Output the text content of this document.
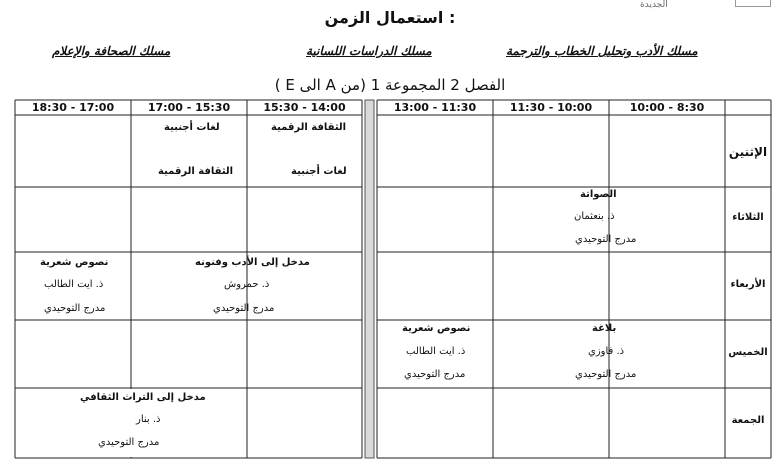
الجديدة
استعمال الزمن :
مسلك الأدب وتحليل الخطاب والترجمة
مسلك الدراسات اللسانية
مسلك الصحافة والإعلام
الفصل 2 المجموعة 1 (من A الى E )
10:00 - 8:30
11:30 - 10:00
13:00 - 11:30
15:30 - 14:00
17:00 - 15:30
18:30 - 17:00
الإثنين
الثلاثاء
الأربعاء
الخميس
الجمعة
الثقافة الرقمية
لغات أجنبية
لغات أجنبية
الثقافة الرقمية
الصواتة
ذ. بنعثمان
مدرج التوحيدي
مدخل إلى الأدب وفنونه
ذ. حمروش
مدرج التوحيدي
نصوص شعرية
ذ. ايت الطالب
مدرج التوحيدي
بلاغة
ذ. فاوزي
مدرج التوحيدي
نصوص شعرية
ذ. ايت الطالب
مدرج التوحيدي
مدخل إلى التراث الثقافي
ذ. بنار
مدرج التوحيدي
